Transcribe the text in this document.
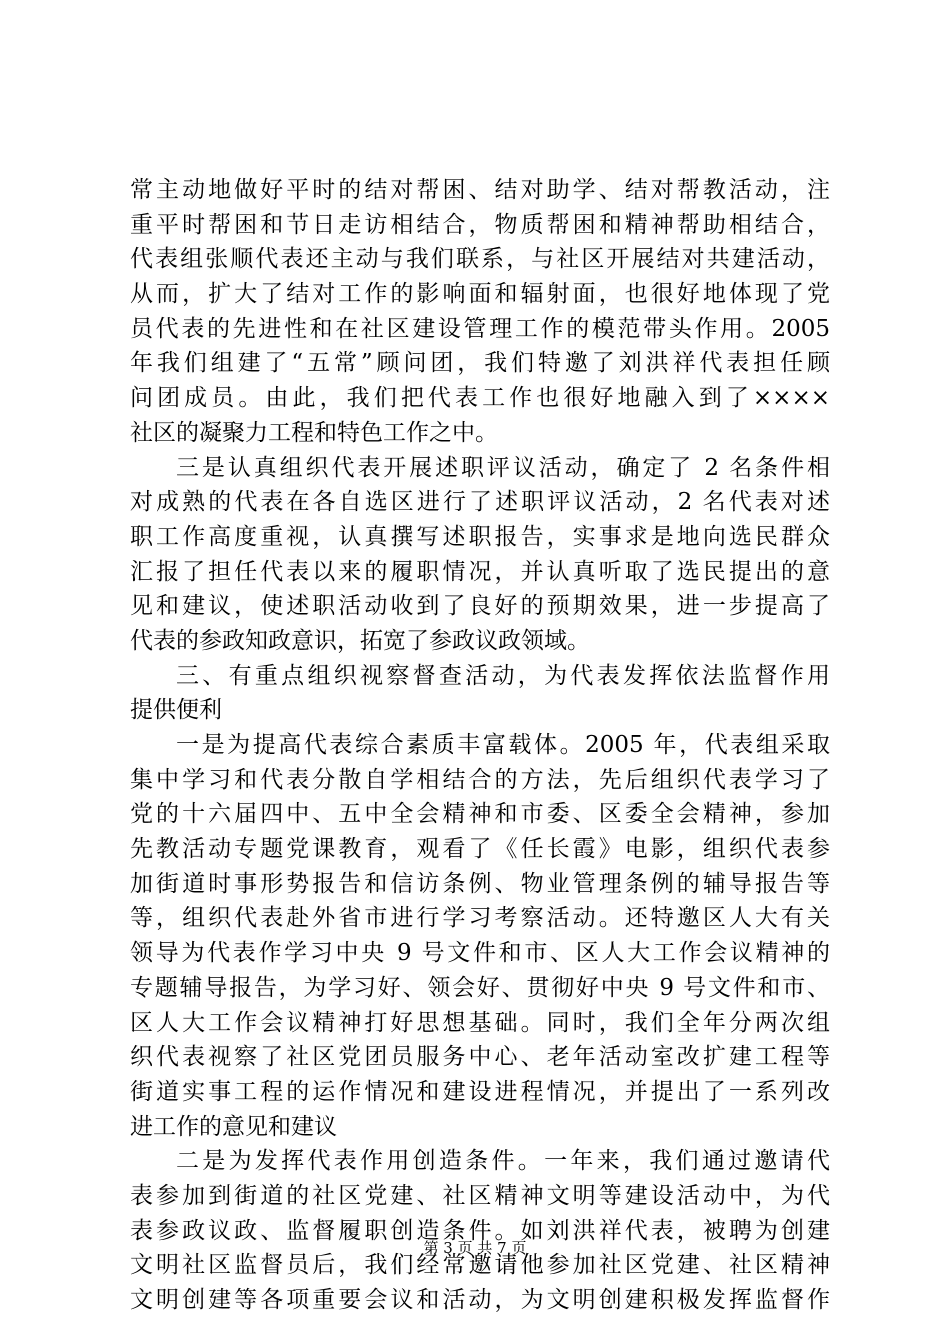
常主动地做好平时的结对帮困、结对助学、结对帮教活动，注
重平时帮困和节日走访相结合，物质帮困和精神帮助相结合，
代表组张顺代表还主动与我们联系，与社区开展结对共建活动，
从而，扩大了结对工作的影响面和辐射面，也很好地体现了党
员代表的先进性和在社区建设管理工作的模范带头作用。2005
年我们组建了“五常”顾问团，我们特邀了刘洪祥代表担任顾
问团成员。由此，我们把代表工作也很好地融入到了××××
社区的凝聚力工程和特色工作之中。
三是认真组织代表开展述职评议活动，确定了 2 名条件相
对成熟的代表在各自选区进行了述职评议活动，2 名代表对述
职工作高度重视，认真撰写述职报告，实事求是地向选民群众
汇报了担任代表以来的履职情况，并认真听取了选民提出的意
见和建议，使述职活动收到了良好的预期效果，进一步提高了
代表的参政知政意识，拓宽了参政议政领域。
三、有重点组织视察督查活动，为代表发挥依法监督作用
提供便利
一是为提高代表综合素质丰富载体。2005 年，代表组采取
集中学习和代表分散自学相结合的方法，先后组织代表学习了
党的十六届四中、五中全会精神和市委、区委全会精神，参加
先教活动专题党课教育，观看了《任长霞》电影，组织代表参
加街道时事形势报告和信访条例、物业管理条例的辅导报告等
等，组织代表赴外省市进行学习考察活动。还特邀区人大有关
领导为代表作学习中央 9 号文件和市、区人大工作会议精神的
专题辅导报告，为学习好、领会好、贯彻好中央 9 号文件和市、
区人大工作会议精神打好思想基础。同时，我们全年分两次组
织代表视察了社区党团员服务中心、老年活动室改扩建工程等
街道实事工程的运作情况和建设进程情况，并提出了一系列改
进工作的意见和建议
二是为发挥代表作用创造条件。一年来，我们通过邀请代
表参加到街道的社区党建、社区精神文明等建设活动中，为代
表参政议政、监督履职创造条件。如刘洪祥代表，被聘为创建
文明社区监督员后，我们经常邀请他参加社区党建、社区精神
文明创建等各项重要会议和活动，为文明创建积极发挥监督作
第 3 页 共 7 页
